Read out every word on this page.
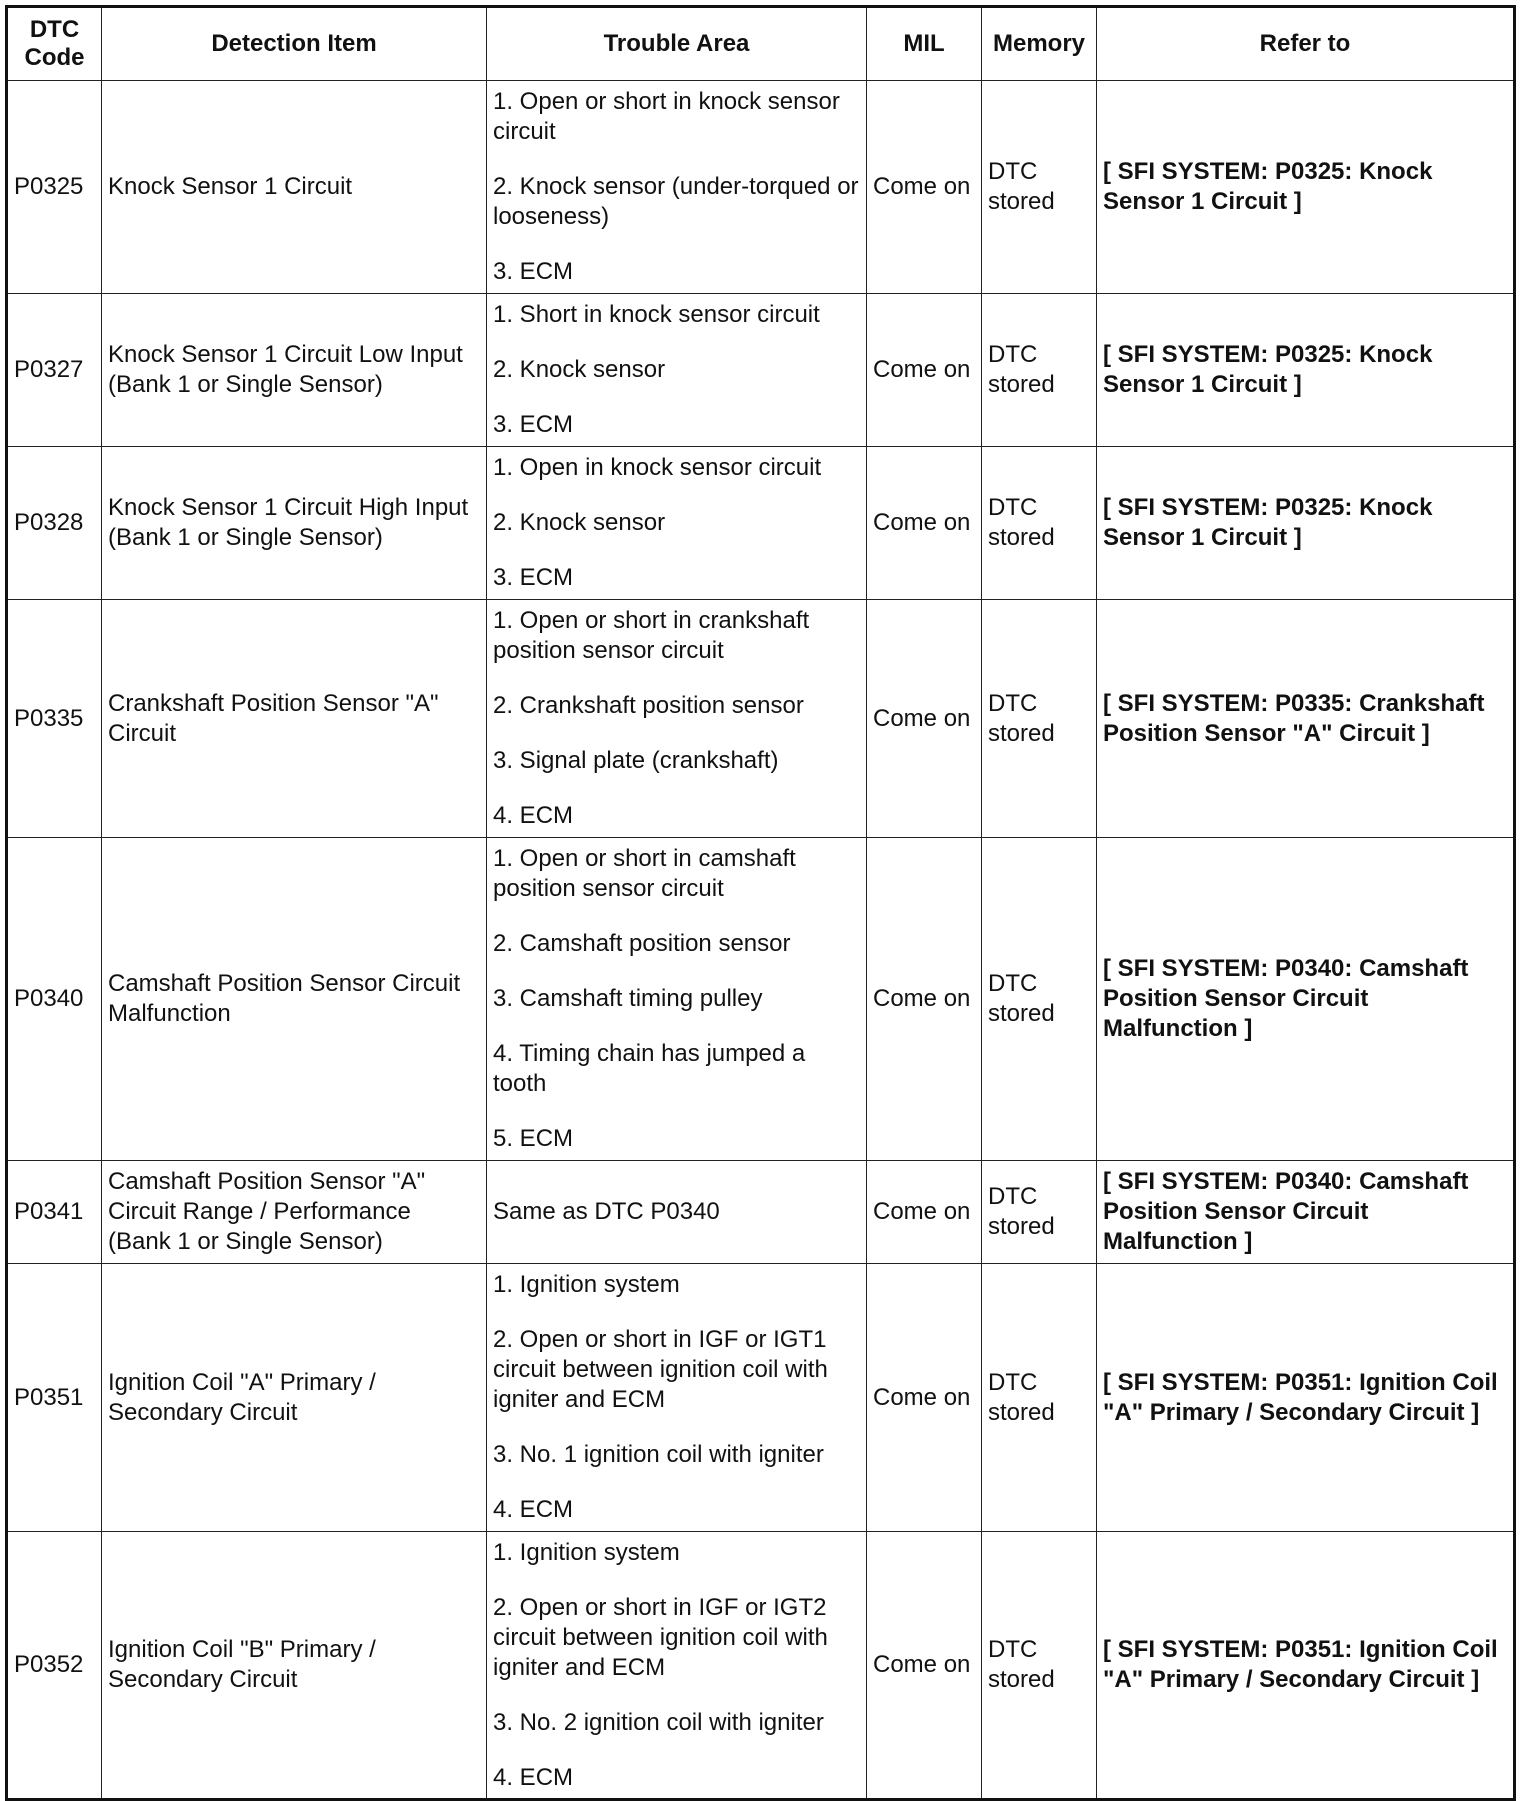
DTC Code	Detection Item	Trouble Area	MIL	Memory	Refer to
P0325	Knock Sensor 1 Circuit	1. Open or short in knock sensor circuit
2. Knock sensor (under-torqued or looseness)
3. ECM	Come on	DTC stored	[ SFI SYSTEM: P0325: Knock Sensor 1 Circuit ]
P0327	Knock Sensor 1 Circuit Low Input (Bank 1 or Single Sensor)	1. Short in knock sensor circuit
2. Knock sensor
3. ECM	Come on	DTC stored	[ SFI SYSTEM: P0325: Knock Sensor 1 Circuit ]
P0328	Knock Sensor 1 Circuit High Input (Bank 1 or Single Sensor)	1. Open in knock sensor circuit
2. Knock sensor
3. ECM	Come on	DTC stored	[ SFI SYSTEM: P0325: Knock Sensor 1 Circuit ]
P0335	Crankshaft Position Sensor "A" Circuit	1. Open or short in crankshaft position sensor circuit
2. Crankshaft position sensor
3. Signal plate (crankshaft)
4. ECM	Come on	DTC stored	[ SFI SYSTEM: P0335: Crankshaft Position Sensor "A" Circuit ]
P0340	Camshaft Position Sensor Circuit Malfunction	1. Open or short in camshaft position sensor circuit
2. Camshaft position sensor
3. Camshaft timing pulley
4. Timing chain has jumped a tooth
5. ECM	Come on	DTC stored	[ SFI SYSTEM: P0340: Camshaft Position Sensor Circuit Malfunction ]
P0341	Camshaft Position Sensor "A" Circuit Range / Performance (Bank 1 or Single Sensor)	Same as DTC P0340	Come on	DTC stored	[ SFI SYSTEM: P0340: Camshaft Position Sensor Circuit Malfunction ]
P0351	Ignition Coil "A" Primary / Secondary Circuit	1. Ignition system
2. Open or short in IGF or IGT1 circuit between ignition coil with igniter and ECM
3. No. 1 ignition coil with igniter
4. ECM	Come on	DTC stored	[ SFI SYSTEM: P0351: Ignition Coil "A" Primary / Secondary Circuit ]
P0352	Ignition Coil "B" Primary / Secondary Circuit	1. Ignition system
2. Open or short in IGF or IGT2 circuit between ignition coil with igniter and ECM
3. No. 2 ignition coil with igniter
4. ECM	Come on	DTC stored	[ SFI SYSTEM: P0351: Ignition Coil "A" Primary / Secondary Circuit ]
